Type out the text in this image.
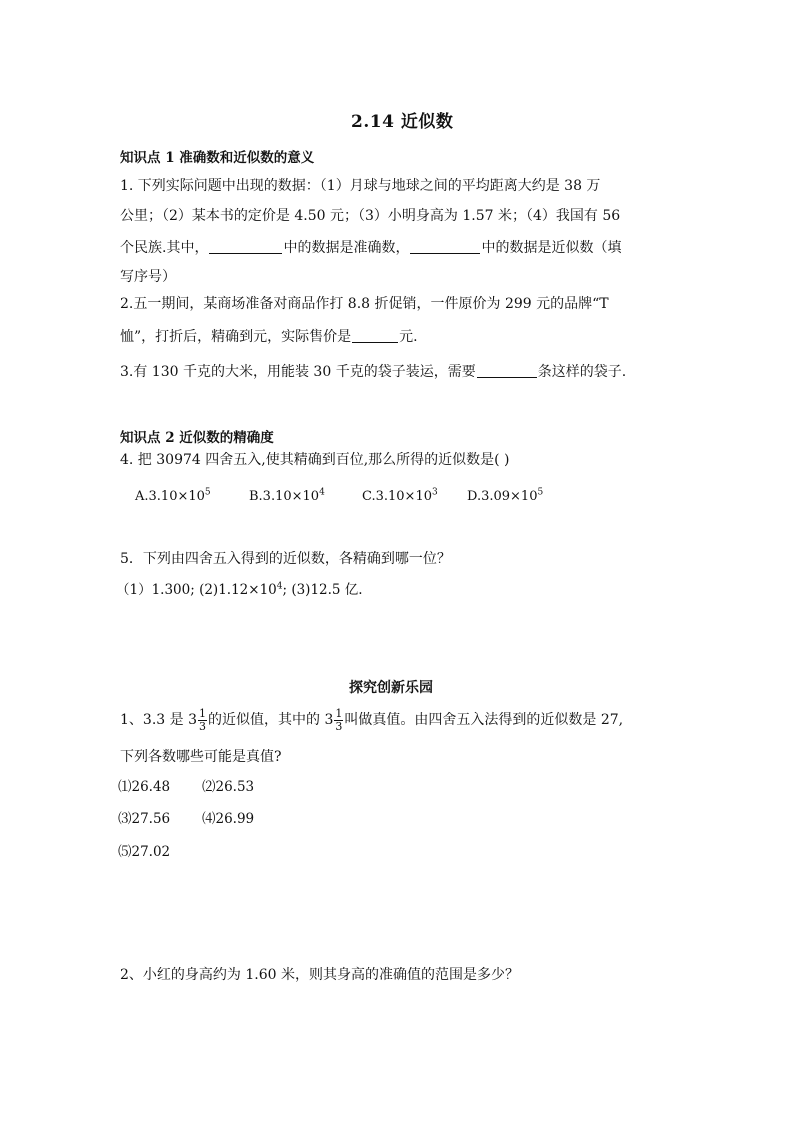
2.14 近似数
知识点 1 准确数和近似数的意义
1. 下列实际问题中出现的数据：（1）月球与地球之间的平均距离大约是 38 万
公里；（2）某本书的定价是 4.50 元；（3）小明身高为 1.57 米；（4）我国有 56
个民族.其中，	中的数据是准确数，	中的数据是近似数（填
写序号）
2.五一期间，某商场准备对商品作打 8.8 折促销，一件原价为 299 元的品牌“T
恤”，打折后，精确到元，实际售价是	元.
3.有 130 千克的大米，用能装 30 千克的袋子装运，需要	条这样的袋子.
知识点 2 近似数的精确度
4. 把 30974 四舍五入,使其精确到百位,那么所得的近似数是( )
$A.3.10\times 10^5$	$B.3.10\times 10^4$	$C.3.10\times 10^3$ $D.3.09\times 10^5$
5．下列由四舍五入得到的近似数，各精确到哪一位？
（1）1.300; $(2)1.12\times 10^4$; (3)12.5 亿.
探究创新乐园
1、3.3 是 $3 \frac{1}{3}$ 的近似值，其中的 $3 \frac{1}{3}$ 叫做真值。由四舍五入法得到的近似数是 27,
下列各数哪些可能是真值?
⑴26.48 ⑵26.53
⑶27.56 ⑷26.99
⑸27.02
2、小红的身高约为 1.60 米，则其身高的准确值的范围是多少？
